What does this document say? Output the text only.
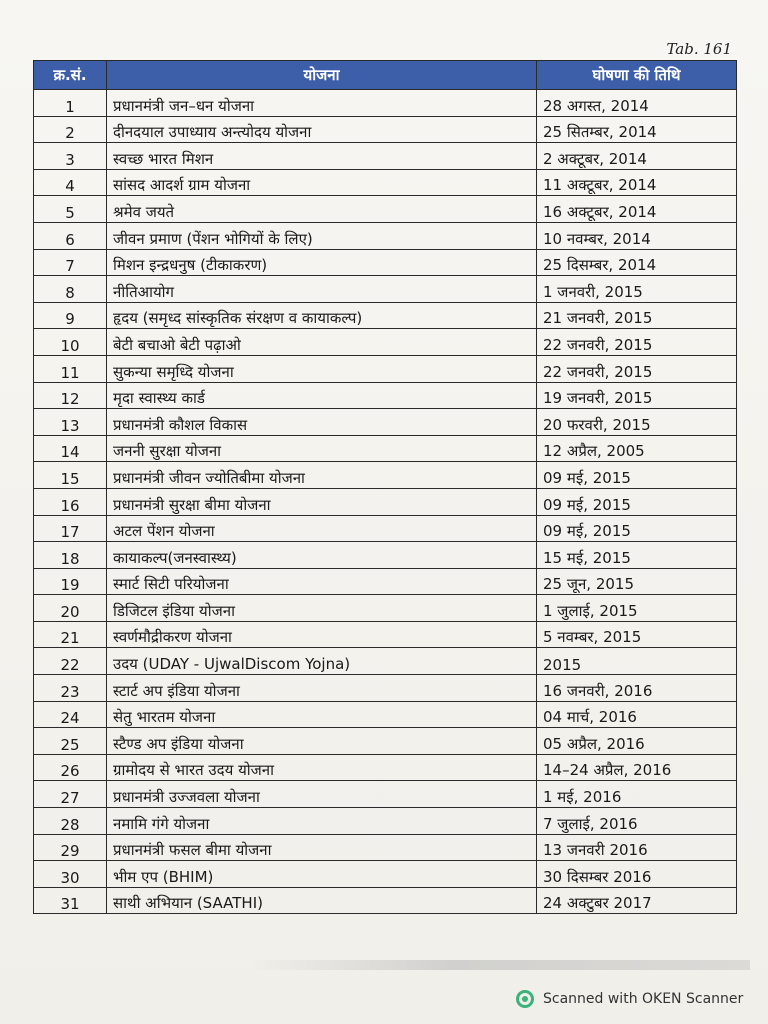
Tab. 161
क्र.सं.	योजना	घोषणा की तिथि
1	प्रधानमंत्री जन–धन योजना	28 अगस्त, 2014
2	दीनदयाल उपाध्याय अन्त्योदय योजना	25 सितम्बर, 2014
3	स्वच्छ भारत मिशन	2 अक्टूबर, 2014
4	सांसद आदर्श ग्राम योजना	11 अक्टूबर, 2014
5	श्रमेव जयते	16 अक्टूबर, 2014
6	जीवन प्रमाण (पेंशन भोगियों के लिए)	10 नवम्बर, 2014
7	मिशन इन्द्रधनुष (टीकाकरण)	25 दिसम्बर, 2014
8	नीतिआयोग	1 जनवरी, 2015
9	हृदय (समृध्द सांस्कृतिक संरक्षण व कायाकल्प)	21 जनवरी, 2015
10	बेटी बचाओ बेटी पढ़ाओ	22 जनवरी, 2015
11	सुकन्या समृध्दि योजना	22 जनवरी, 2015
12	मृदा स्वास्थ्य कार्ड	19 जनवरी, 2015
13	प्रधानमंत्री कौशल विकास	20 फरवरी, 2015
14	जननी सुरक्षा योजना	12 अप्रैल, 2005
15	प्रधानमंत्री जीवन ज्योतिबीमा योजना	09 मई, 2015
16	प्रधानमंत्री सुरक्षा बीमा योजना	09 मई, 2015
17	अटल पेंशन योजना	09 मई, 2015
18	कायाकल्प(जनस्वास्थ्य)	15 मई, 2015
19	स्मार्ट सिटी परियोजना	25 जून, 2015
20	डिजिटल इंडिया योजना	1 जुलाई, 2015
21	स्वर्णमौद्रीकरण योजना	5 नवम्बर, 2015
22	उदय (UDAY - UjwalDiscom Yojna)	2015
23	स्टार्ट अप इंडिया योजना	16 जनवरी, 2016
24	सेतु भारतम योजना	04 मार्च, 2016
25	स्टैण्ड अप इंडिया योजना	05 अप्रैल, 2016
26	ग्रामोदय से भारत उदय योजना	14–24 अप्रैल, 2016
27	प्रधानमंत्री उज्जवला योजना	1 मई, 2016
28	नमामि गंगे योजना	7 जुलाई, 2016
29	प्रधानमंत्री फसल बीमा योजना	13 जनवरी 2016
30	भीम एप (BHIM)	30 दिसम्बर 2016
31	साथी अभियान (SAATHI)	24 अक्टुबर 2017
Scanned with OKEN Scanner
